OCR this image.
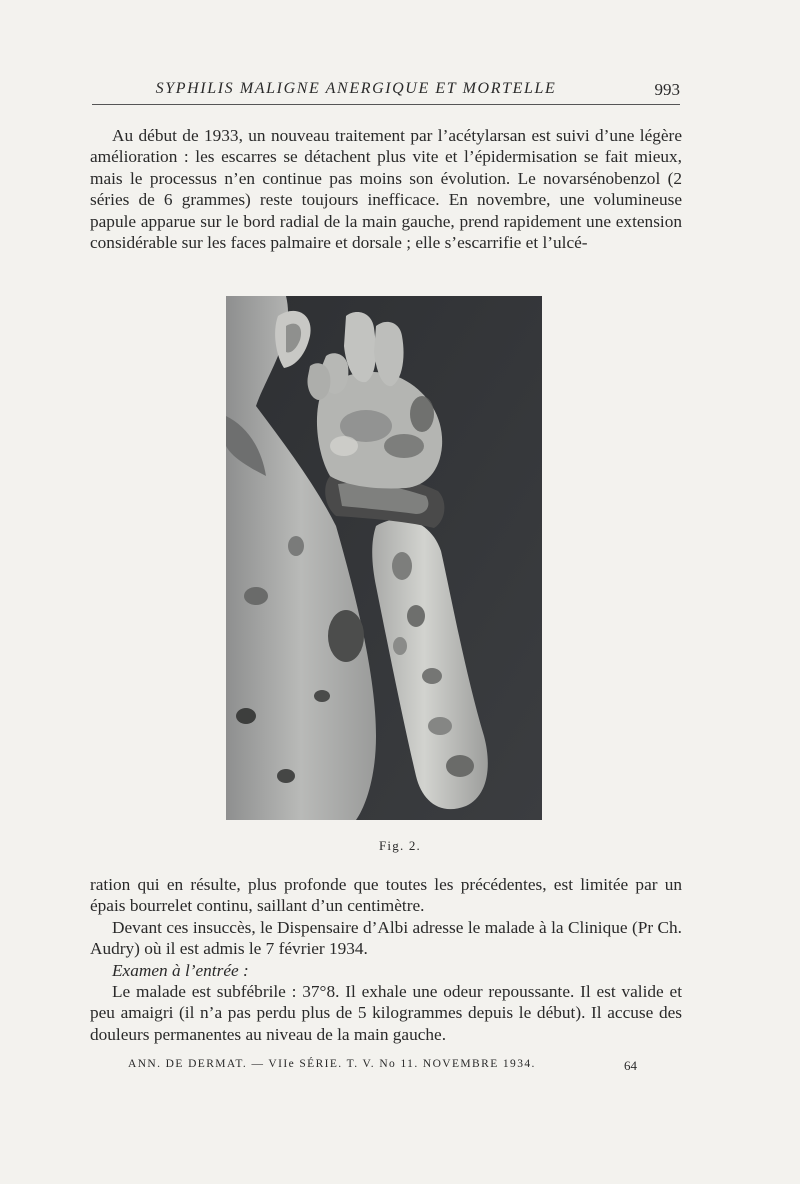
SYPHILIS MALIGNE ANERGIQUE ET MORTELLE	993

Au début de 1933, un nouveau traitement par l’acétylarsan est suivi d’une légère amélioration : les escarres se détachent plus vite et l’épidermisation se fait mieux, mais le processus n’en continue pas moins son évolution. Le novarsénobenzol (2 séries de 6 grammes) reste toujours inefficace. En novembre, une volumineuse papule apparue sur le bord radial de la main gauche, prend rapidement une extension considérable sur les faces palmaire et dorsale ; elle s’escarrifie et l’ulcé-

Fig. 2.

ration qui en résulte, plus profonde que toutes les précédentes, est limitée par un épais bourrelet continu, saillant d’un centimètre.

Devant ces insuccès, le Dispensaire d’Albi adresse le malade à la Clinique (Pr Ch. Audry) où il est admis le 7 février 1934.

Examen à l’entrée :

Le malade est subfébrile : 37°8. Il exhale une odeur repoussante. Il est valide et peu amaigri (il n’a pas perdu plus de 5 kilogrammes depuis le début). Il accuse des douleurs permanentes au niveau de la main gauche.

ANN. DE DERMAT. — VIIe SÉRIE. T. V. No 11. NOVEMBRE 1934.	64
